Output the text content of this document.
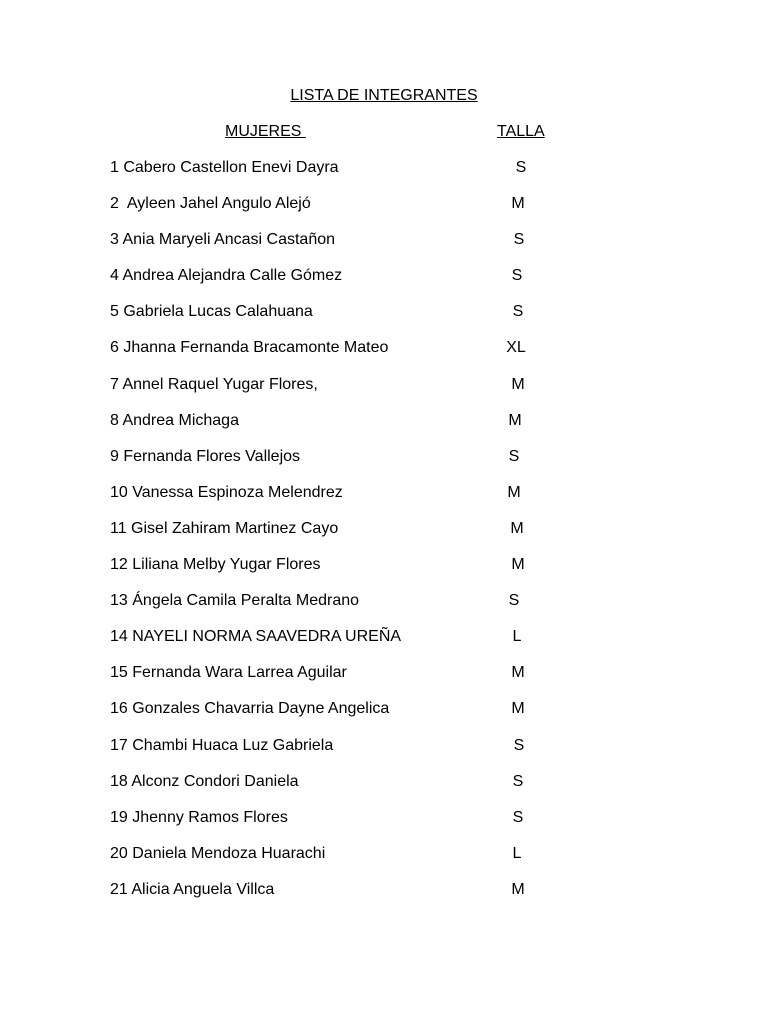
LISTA DE INTEGRANTES
MUJERES	TALLA
1 Cabero Castellon Enevi Dayra	S
2  Ayleen Jahel Angulo Alejó	M
3 Ania Maryeli Ancasi Castañon	S
4 Andrea Alejandra Calle Gómez	S
5 Gabriela Lucas Calahuana	S
6 Jhanna Fernanda Bracamonte Mateo	XL
7 Annel Raquel Yugar Flores,	M
8 Andrea Michaga	M
9 Fernanda Flores Vallejos	S
10 Vanessa Espinoza Melendrez	M
11 Gisel Zahiram Martinez Cayo	M
12 Liliana Melby Yugar Flores	M
13 Ángela Camila Peralta Medrano	S
14 NAYELI NORMA SAAVEDRA UREÑA	L
15 Fernanda Wara Larrea Aguilar	M
16 Gonzales Chavarria Dayne Angelica	M
17 Chambi Huaca Luz Gabriela	S
18 Alconz Condori Daniela	S
19 Jhenny Ramos Flores	S
20 Daniela Mendoza Huarachi	L
21 Alicia Anguela Villca	M
